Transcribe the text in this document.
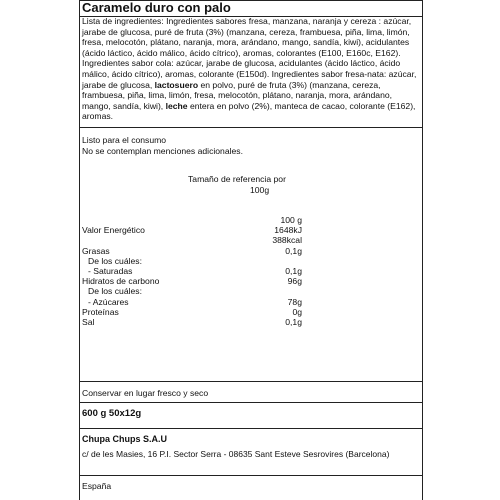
Caramelo duro con palo
Lista de ingredientes: Ingredientes sabores fresa, manzana, naranja y cereza : azúcar, jarabe de glucosa, puré de fruta (3%) (manzana, cereza, frambuesa, piña, lima, limón, fresa, melocotón, plátano, naranja, mora, arándano, mango, sandía, kiwi), acidulantes (ácido láctico, ácido málico, ácido cítrico), aromas, colorantes (E100, E160c, E162). Ingredientes sabor cola: azúcar, jarabe de glucosa, acidulantes (ácido láctico, ácido málico, ácido cítrico), aromas, colorante (E150d). Ingredientes sabor fresa-nata: azúcar, jarabe de glucosa, lactosuero en polvo, puré de fruta (3%) (manzana, cereza, frambuesa, piña, lima, limón, fresa, melocotón, plátano, naranja, mora, arándano, mango, sandía, kiwi), leche entera en polvo (2%), manteca de cacao, colorante (E162), aromas.
Listo para el consumo
No se contemplan menciones adicionales.
Tamaño de referencia por
100g
100 g
Valor Energético	1648kJ
388kcal
Grasas	0,1g
De los cuáles:
- Saturadas	0,1g
Hidratos de carbono	96g
De los cuáles:
- Azúcares	78g
Proteínas	0g
Sal	0,1g
Conservar en lugar fresco y seco
600 g 50x12g
Chupa Chups S.A.U
c/ de les Masies, 16 P.I. Sector Serra - 08635 Sant Esteve Sesrovires (Barcelona)
España
